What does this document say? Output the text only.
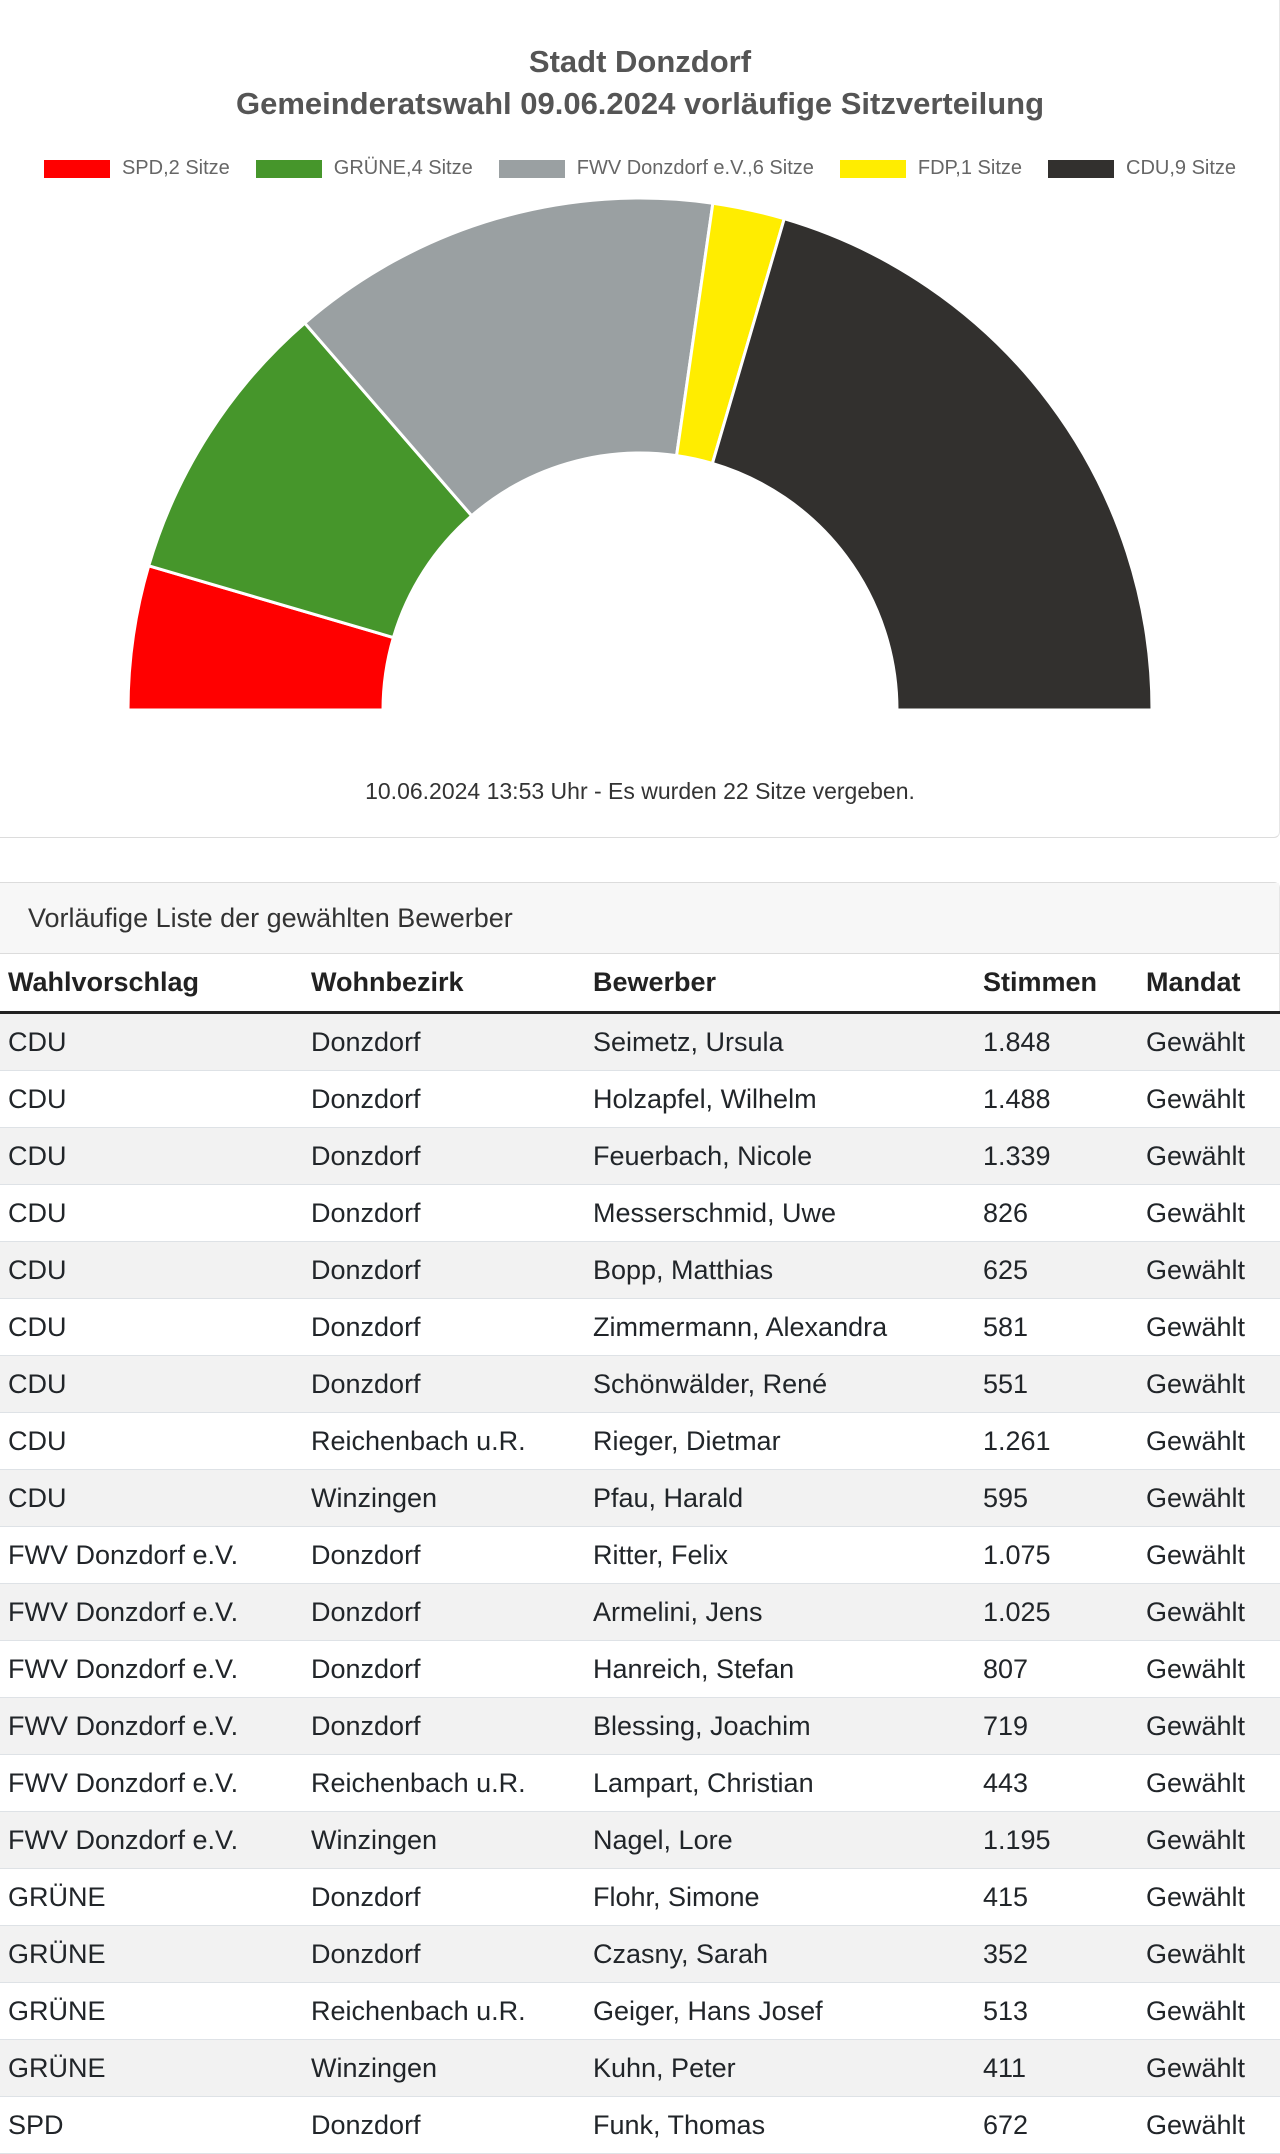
Stadt Donzdorf
Gemeinderatswahl 09.06.2024 vorläufige Sitzverteilung
SPD,2 Sitze	GRÜNE,4 Sitze	FWV Donzdorf e.V.,6 Sitze	FDP,1 Sitze	CDU,9 Sitze
10.06.2024 13:53 Uhr - Es wurden 22 Sitze vergeben.
Vorläufige Liste der gewählten Bewerber
Wahlvorschlag	Wohnbezirk	Bewerber	Stimmen	Mandat
CDU	Donzdorf	Seimetz, Ursula	1.848	Gewählt
CDU	Donzdorf	Holzapfel, Wilhelm	1.488	Gewählt
CDU	Donzdorf	Feuerbach, Nicole	1.339	Gewählt
CDU	Donzdorf	Messerschmid, Uwe	826	Gewählt
CDU	Donzdorf	Bopp, Matthias	625	Gewählt
CDU	Donzdorf	Zimmermann, Alexandra	581	Gewählt
CDU	Donzdorf	Schönwälder, René	551	Gewählt
CDU	Reichenbach u.R.	Rieger, Dietmar	1.261	Gewählt
CDU	Winzingen	Pfau, Harald	595	Gewählt
FWV Donzdorf e.V.	Donzdorf	Ritter, Felix	1.075	Gewählt
FWV Donzdorf e.V.	Donzdorf	Armelini, Jens	1.025	Gewählt
FWV Donzdorf e.V.	Donzdorf	Hanreich, Stefan	807	Gewählt
FWV Donzdorf e.V.	Donzdorf	Blessing, Joachim	719	Gewählt
FWV Donzdorf e.V.	Reichenbach u.R.	Lampart, Christian	443	Gewählt
FWV Donzdorf e.V.	Winzingen	Nagel, Lore	1.195	Gewählt
GRÜNE	Donzdorf	Flohr, Simone	415	Gewählt
GRÜNE	Donzdorf	Czasny, Sarah	352	Gewählt
GRÜNE	Reichenbach u.R.	Geiger, Hans Josef	513	Gewählt
GRÜNE	Winzingen	Kuhn, Peter	411	Gewählt
SPD	Donzdorf	Funk, Thomas	672	Gewählt
